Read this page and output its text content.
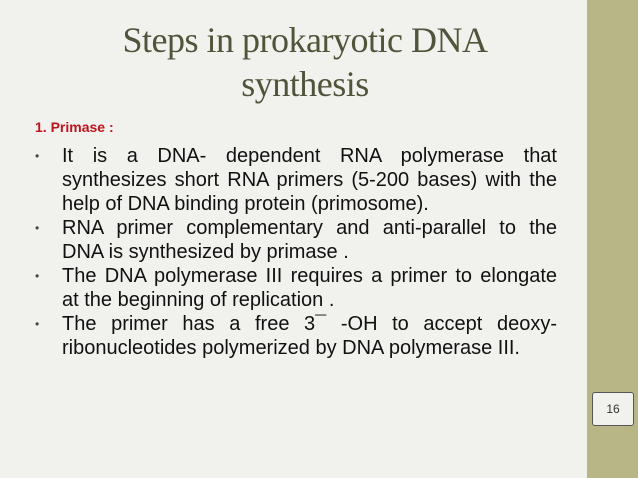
Steps in prokaryotic DNA
synthesis
1. Primase :
• It is a DNA- dependent RNA polymerase that synthesizes short RNA primers (5-200 bases) with the help of DNA binding protein (primosome).
• RNA primer complementary and anti-parallel to the DNA is synthesized by primase .
• The DNA polymerase III requires a primer to elongate at the beginning of replication .
• The primer has a free 3¯ -OH to accept deoxy-ribonucleotides polymerized by DNA polymerase III.
16
